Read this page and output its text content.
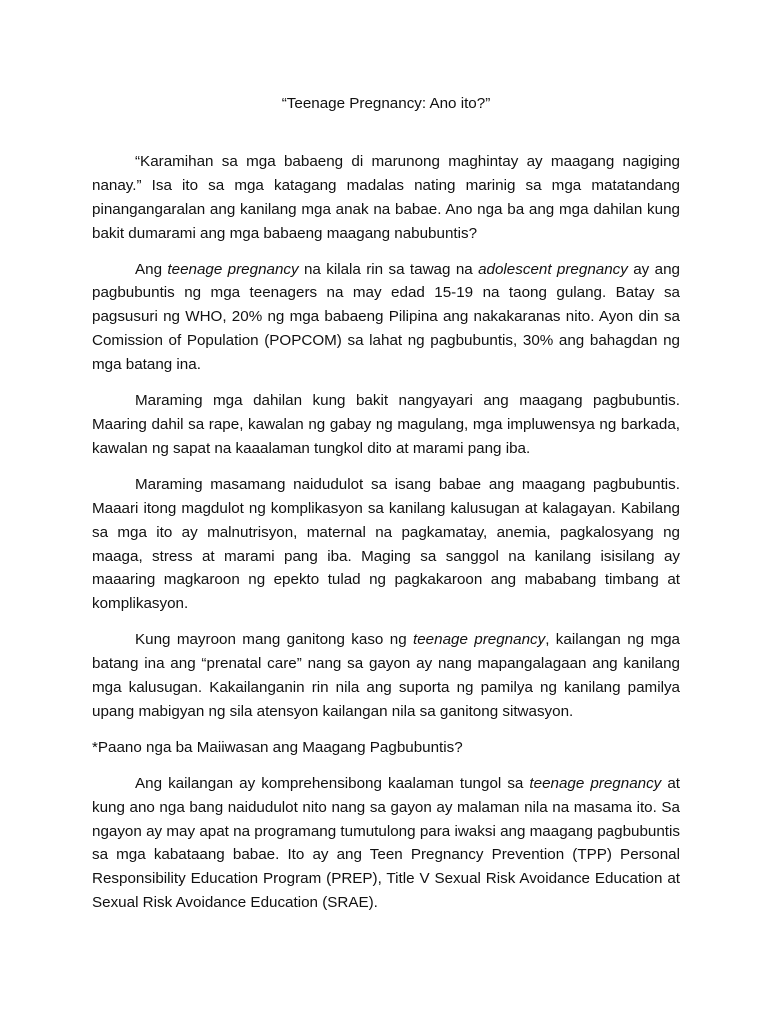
“Teenage Pregnancy: Ano ito?”

“Karamihan sa mga babaeng di marunong maghintay ay maagang nagiging nanay.” Isa ito sa mga katagang madalas nating marinig sa mga matatandang pinangangaralan ang kanilang mga anak na babae. Ano nga ba ang mga dahilan kung bakit dumarami ang mga babaeng maagang nabubuntis?

Ang teenage pregnancy na kilala rin sa tawag na adolescent pregnancy ay ang pagbubuntis ng mga teenagers na may edad 15-19 na taong gulang. Batay sa pagsusuri ng WHO, 20% ng mga babaeng Pilipina ang nakakaranas nito. Ayon din sa Comission of Population (POPCOM) sa lahat ng pagbubuntis, 30% ang bahagdan ng mga batang ina.

Maraming mga dahilan kung bakit nangyayari ang maagang pagbubuntis. Maaring dahil sa rape, kawalan ng gabay ng magulang, mga impluwensya ng barkada, kawalan ng sapat na kaaalaman tungkol dito at marami pang iba.

Maraming masamang naidudulot sa isang babae ang maagang pagbubuntis. Maaari itong magdulot ng komplikasyon sa kanilang kalusugan at kalagayan. Kabilang sa mga ito ay malnutrisyon, maternal na pagkamatay, anemia, pagkalosyang ng maaga, stress at marami pang iba. Maging sa sanggol na kanilang isisilang ay maaaring magkaroon ng epekto tulad ng pagkakaroon ang mababang timbang at komplikasyon.

Kung mayroon mang ganitong kaso ng teenage pregnancy, kailangan ng mga batang ina ang “prenatal care” nang sa gayon ay nang mapangalagaan ang kanilang mga kalusugan. Kakailanganin rin nila ang suporta ng pamilya ng kanilang pamilya upang mabigyan ng sila atensyon kailangan nila sa ganitong sitwasyon.

*Paano nga ba Maiiwasan ang Maagang Pagbubuntis?

Ang kailangan ay komprehensibong kaalaman tungol sa teenage pregnancy at kung ano nga bang naidudulot nito nang sa gayon ay malaman nila na masama ito. Sa ngayon ay may apat na programang tumutulong para iwaksi ang maagang pagbubuntis sa mga kabataang babae. Ito ay ang Teen Pregnancy Prevention (TPP) Personal Responsibility Education Program (PREP), Title V Sexual Risk Avoidance Education at Sexual Risk Avoidance Education (SRAE).
